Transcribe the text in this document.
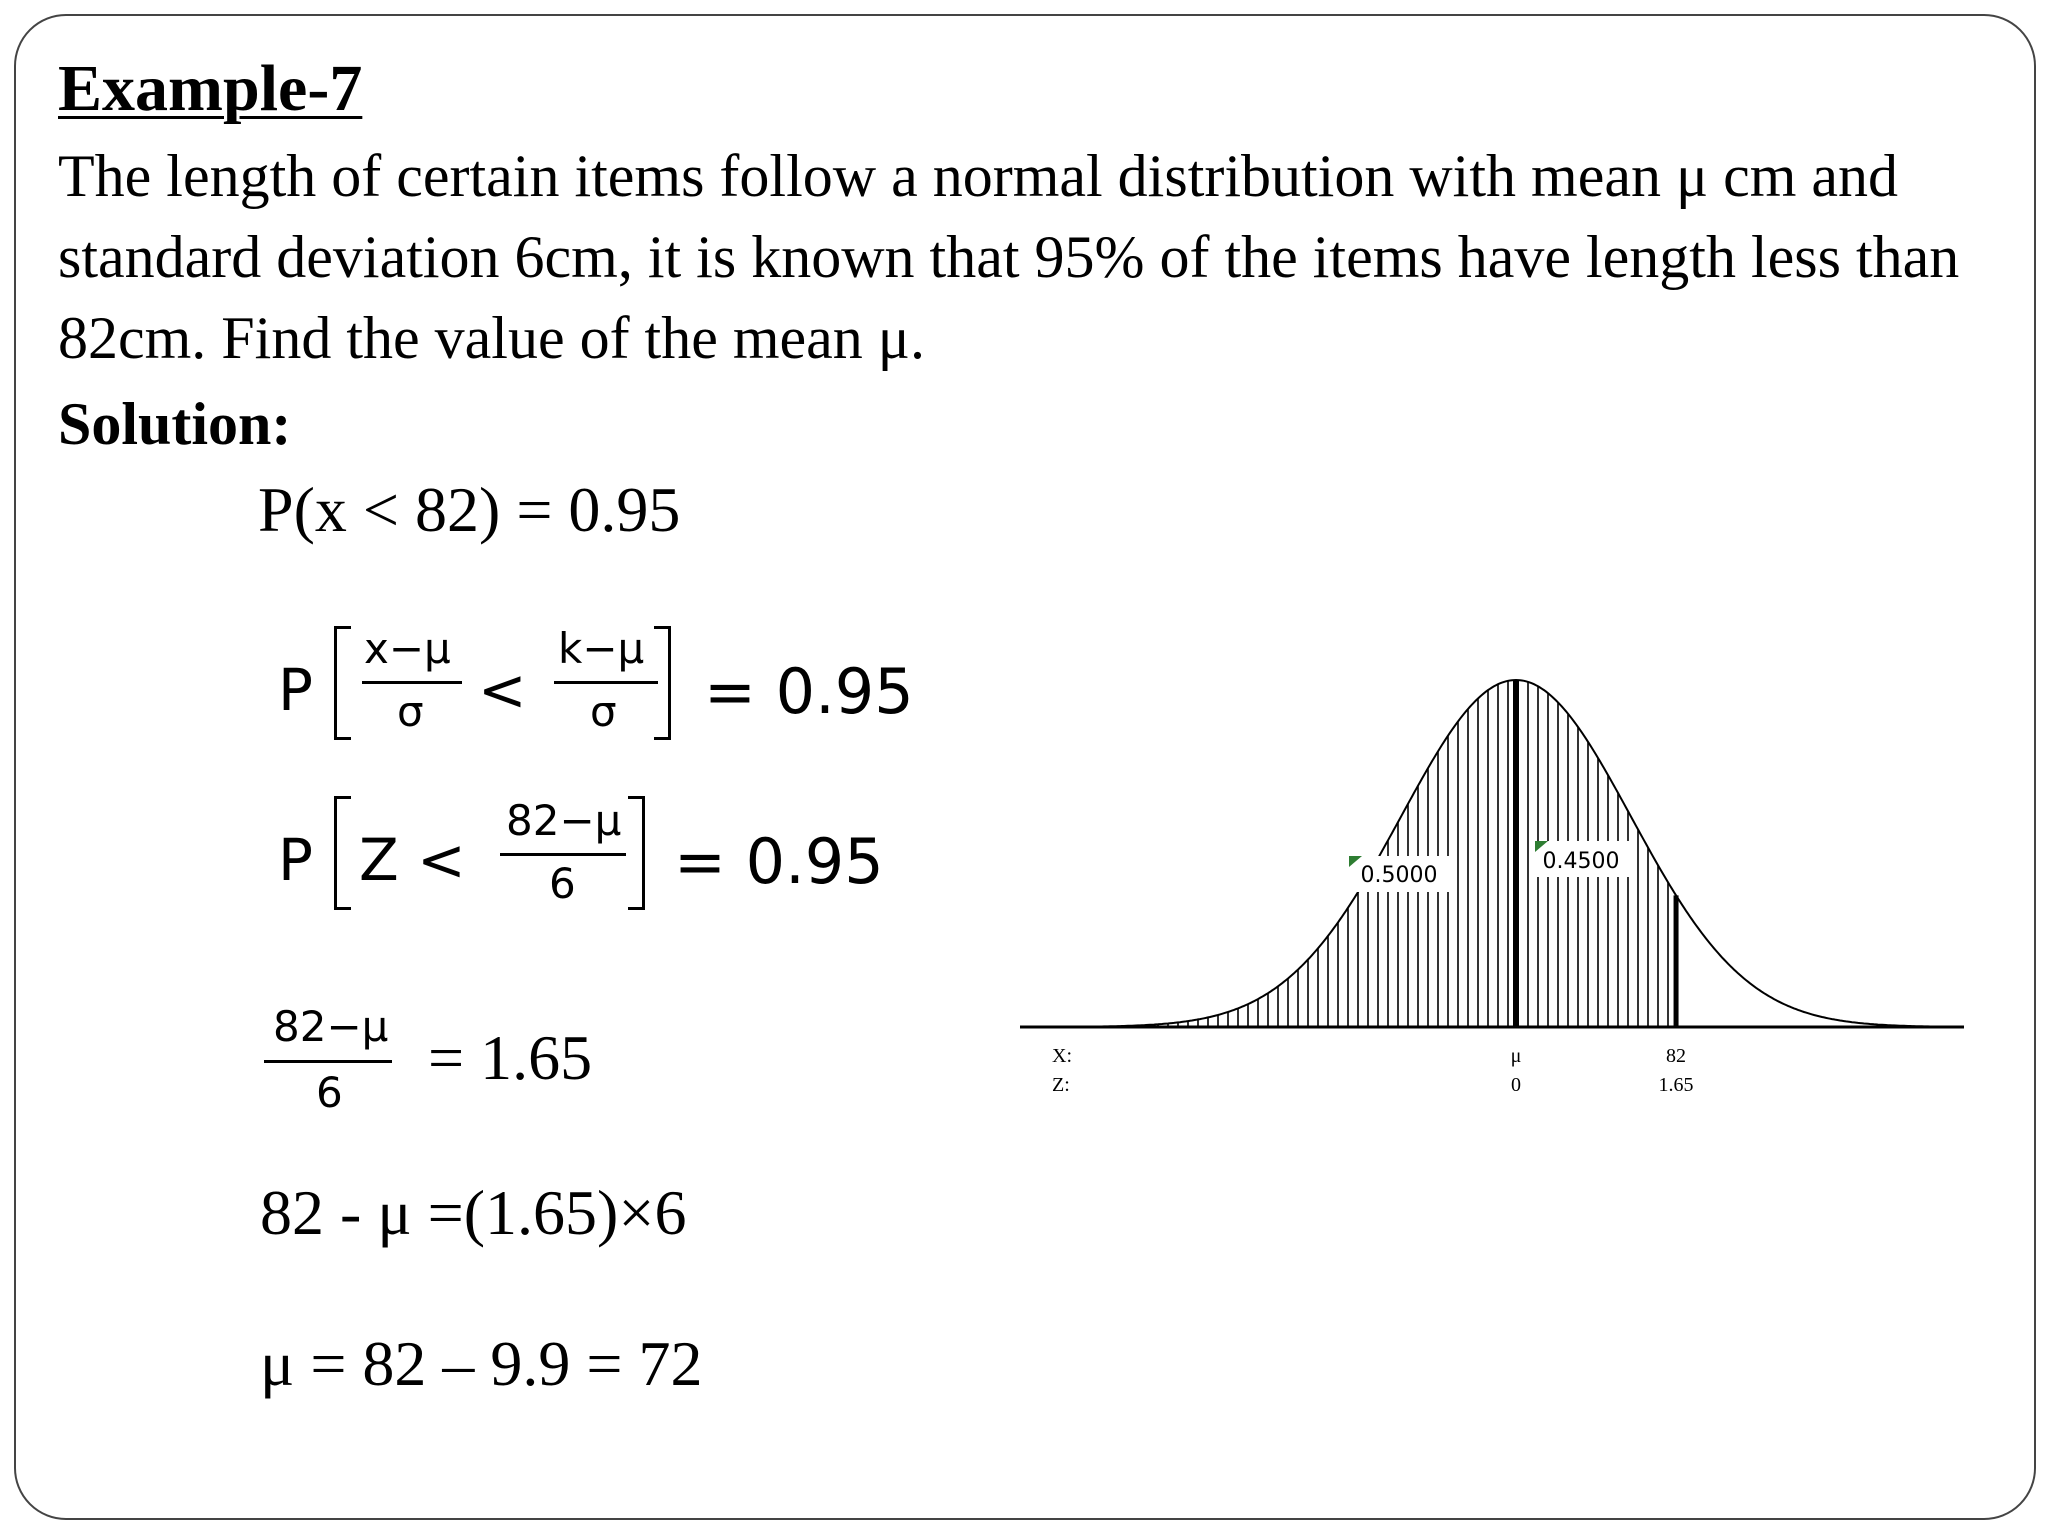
Example-7
The length of certain items follow a normal distribution with mean μ cm and standard deviation 6cm, it is known that 95% of the items have length less than 82cm. Find the value of the mean μ.
Solution:
P(x < 82) = 0.95
P
x−μ
σ <
k−μ
σ = 0.95
P Z <
82−μ
6 = 0.95
82−μ
6 = 1.65
82 - μ =(1.65)×6
μ = 82 – 9.9 = 72
0.5000
0.4500
X:
Z:
μ
0
82
1.65
